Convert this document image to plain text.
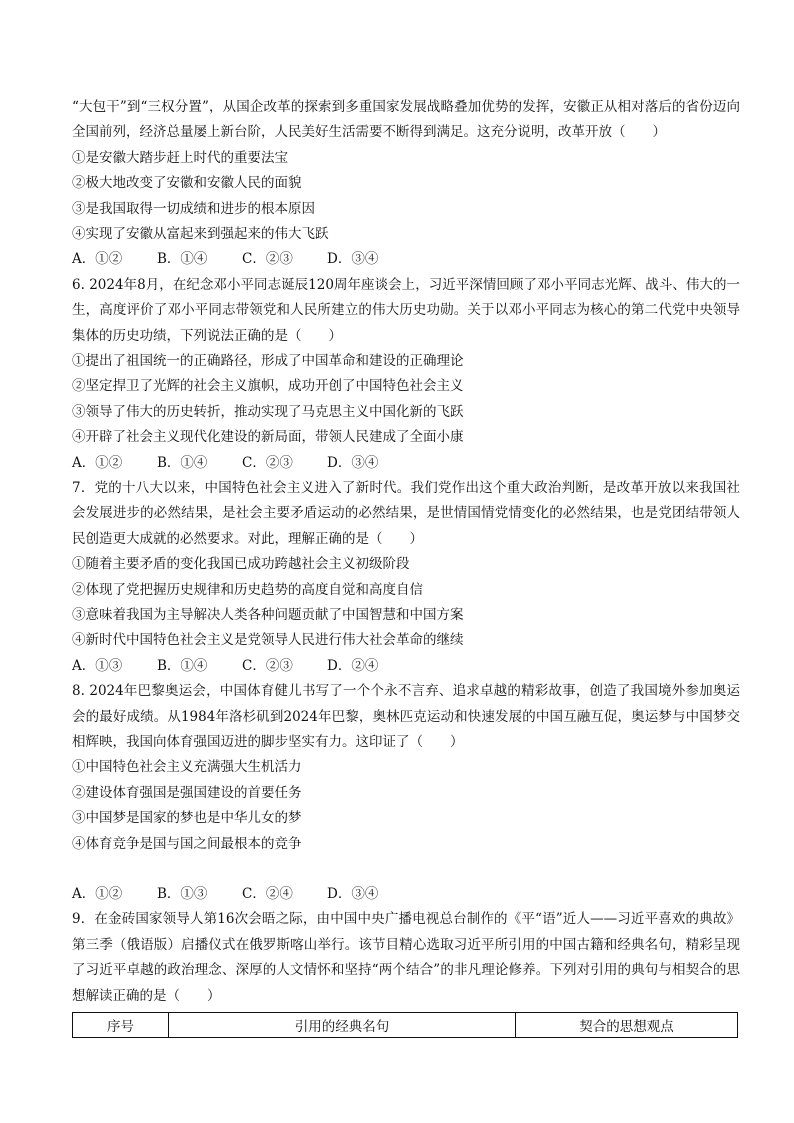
“大包干”到“三权分置”，从国企改革的探索到多重国家发展战略叠加优势的发挥，安徽正从相对落后的省份迈向全国前列，经济总量屡上新台阶，人民美好生活需要不断得到满足。这充分说明，改革开放（　　）
①是安徽大踏步赶上时代的重要法宝
②极大地改变了安徽和安徽人民的面貌
③是我国取得一切成绩和进步的根本原因
④实现了安徽从富起来到强起来的伟大飞跃
A．①②	B．①④	C．②③	D．③④
6. 2024年8月，在纪念邓小平同志诞辰120周年座谈会上，习近平深情回顾了邓小平同志光辉、战斗、伟大的一生，高度评价了邓小平同志带领党和人民所建立的伟大历史功勋。关于以邓小平同志为核心的第二代党中央领导集体的历史功绩，下列说法正确的是（　　）
①提出了祖国统一的正确路径，形成了中国革命和建设的正确理论
②坚定捍卫了光辉的社会主义旗帜，成功开创了中国特色社会主义
③领导了伟大的历史转折，推动实现了马克思主义中国化新的飞跃
④开辟了社会主义现代化建设的新局面，带领人民建成了全面小康
A．①②	B．①④	C．②③	D．③④
7．党的十八大以来，中国特色社会主义进入了新时代。我们党作出这个重大政治判断，是改革开放以来我国社会发展进步的必然结果，是社会主要矛盾运动的必然结果，是世情国情党情变化的必然结果，也是党团结带领人民创造更大成就的必然要求。对此，理解正确的是（　　）
①随着主要矛盾的变化我国已成功跨越社会主义初级阶段
②体现了党把握历史规律和历史趋势的高度自觉和高度自信
③意味着我国为主导解决人类各种问题贡献了中国智慧和中国方案
④新时代中国特色社会主义是党领导人民进行伟大社会革命的继续
A．①③	B．①④	C．②③	D．②④
8. 2024年巴黎奥运会，中国体育健儿书写了一个个永不言弃、追求卓越的精彩故事，创造了我国境外参加奥运会的最好成绩。从1984年洛杉矶到2024年巴黎，奥林匹克运动和快速发展的中国互融互促，奥运梦与中国梦交相辉映，我国向体育强国迈进的脚步坚实有力。这印证了（　　）
①中国特色社会主义充满强大生机活力
②建设体育强国是强国建设的首要任务
③中国梦是国家的梦也是中华儿女的梦
④体育竞争是国与国之间最根本的竞争
A．①②	B．①③	C．②④	D．③④
9．在金砖国家领导人第16次会晤之际，由中国中央广播电视总台制作的《平“语”近人——习近平喜欢的典故》第三季（俄语版）启播仪式在俄罗斯喀山举行。该节目精心选取习近平所引用的中国古籍和经典名句，精彩呈现了习近平卓越的政治理念、深厚的人文情怀和坚持“两个结合”的非凡理论修养。下列对引用的典句与相契合的思想解读正确的是（　　）
序号	引用的经典名句	契合的思想观点
